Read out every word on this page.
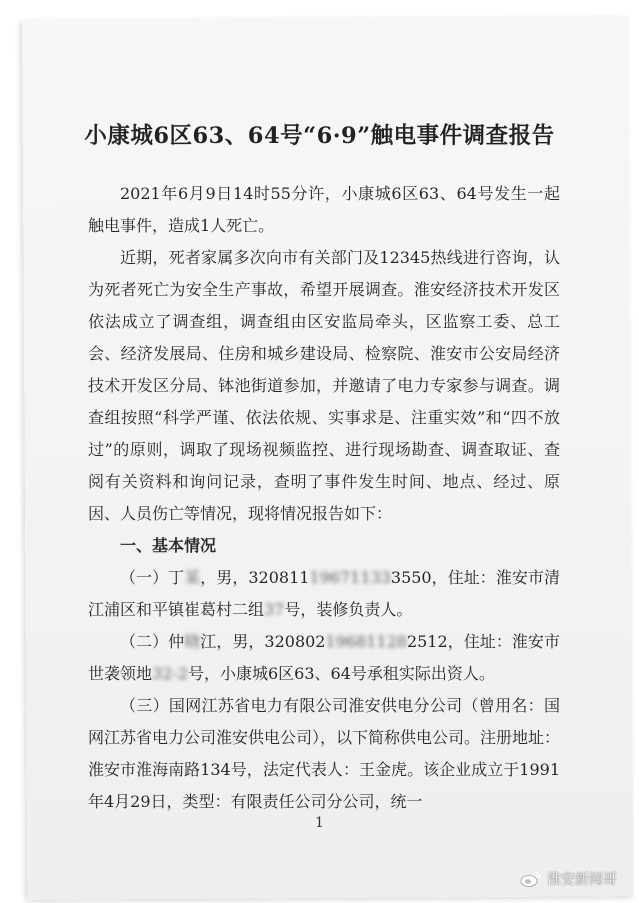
小康城6区63、64号“6·9”触电事件调查报告

2021年6月9日14时55分许，小康城6区63、64号发生一起触电事件，造成1人死亡。

近期，死者家属多次向市有关部门及12345热线进行咨询，认为死者死亡为安全生产事故，希望开展调查。淮安经济技术开发区依法成立了调查组，调查组由区安监局牵头，区监察工委、总工会、经济发展局、住房和城乡建设局、检察院、淮安市公安局经济技术开发区分局、钵池街道参加，并邀请了电力专家参与调查。调查组按照“科学严谨、依法依规、实事求是、注重实效”和“四不放过”的原则，调取了现场视频监控、进行现场勘查、调查取证、查阅有关资料和询问记录，查明了事件发生时间、地点、经过、原因、人员伤亡等情况，现将情况报告如下：

一、基本情况

（一）丁某，男，320811196711333550，住址：淮安市清江浦区和平镇崔葛村二组37号，装修负责人。

（二）仲晓江，男，320802196811282512，住址：淮安市世袭领地32-2号，小康城6区63、64号承租实际出资人。

（三）国网江苏省电力有限公司淮安供电分公司（曾用名：国网江苏省电力公司淮安供电公司），以下简称供电公司。注册地址：淮安市淮海南路134号，法定代表人：王金虎。该企业成立于1991年4月29日，类型：有限责任公司分公司，统一

1
淮安新闻哥
